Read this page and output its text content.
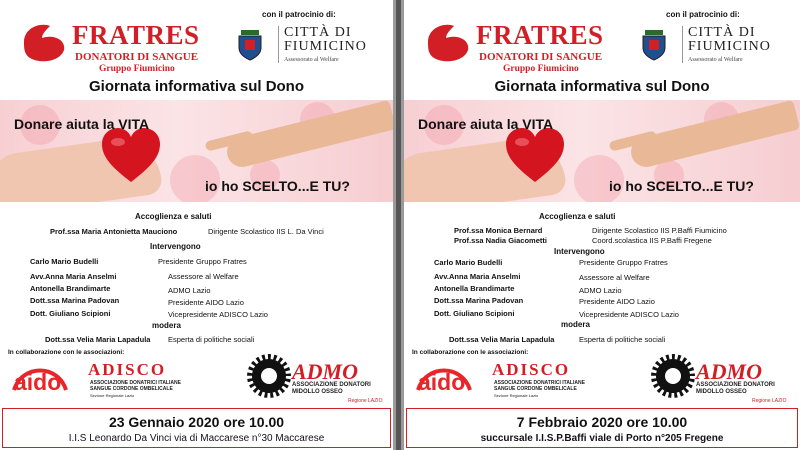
FRATRES
DONATORI DI SANGUE
Gruppo Fiumicino
con il patrocinio di:
CITTÀ DI FIUMICINO
Assessorato al Welfare
Giornata informativa sul Dono
Donare aiuta la VITA
io ho SCELTO...E TU?
Accoglienza e saluti
Prof.ssa Maria Antonietta Mauciono	Dirigente Scolastico IIS L. Da Vinci
Intervengono
Carlo Mario Budelli	Presidente Gruppo Fratres
Avv.Anna Maria Anselmi	Assessore al Welfare
Antonella Brandimarte	ADMO Lazio
Dott.ssa Marina Padovan	Presidente AIDO Lazio
Dott. Giuliano Scipioni	Vicepresidente ADISCO Lazio
modera
Dott.ssa Velia Maria Lapadula Esperta di politiche sociali
In collaborazione con le associazioni:
aido ADISCO
ASSOCIAZIONE DONATRICI ITALIANE
SANGUE CORDONE OMBELICALE
Sezione Regionale Lazio
ADMO
ASSOCIAZIONE DONATORI
MIDOLLO OSSEO
Regione LAZIO
23 Gennaio 2020 ore 10.00
I.I.S Leonardo Da Vinci via di Maccarese n°30 Maccarese
FRATRES
DONATORI DI SANGUE
Gruppo Fiumicino
con il patrocinio di:
CITTÀ DI FIUMICINO
Assessorato al Welfare
Giornata informativa sul Dono
Donare aiuta la VITA
io ho SCELTO...E TU?
Accoglienza e saluti
Prof.ssa Monica Bernard	Dirigente Scolastico IIS P.Baffi Fiumicino
Prof.ssa Nadia Giacometti	Coord.scolastica IIS P.Baffi Fregene
Intervengono
Carlo Mario Budelli	Presidente Gruppo Fratres
Avv.Anna Maria Anselmi	Assessore al Welfare
Antonella Brandimarte	ADMO Lazio
Dott.ssa Marina Padovan	Presidente AIDO Lazio
Dott. Giuliano Scipioni	Vicepresidente ADISCO Lazio
modera
Dott.ssa Velia Maria Lapadula	Esperta di politiche sociali
In collaborazione con le associazioni:
aido ADISCO
ASSOCIAZIONE DONATRICI ITALIANE
SANGUE CORDONE OMBELICALE
Sezione Regionale Lazio
ADMO
ASSOCIAZIONE DONATORI
MIDOLLO OSSEO
Regione LAZIO
7 Febbraio 2020 ore 10.00
succursale I.I.S.P.Baffi viale di Porto n°205 Fregene
